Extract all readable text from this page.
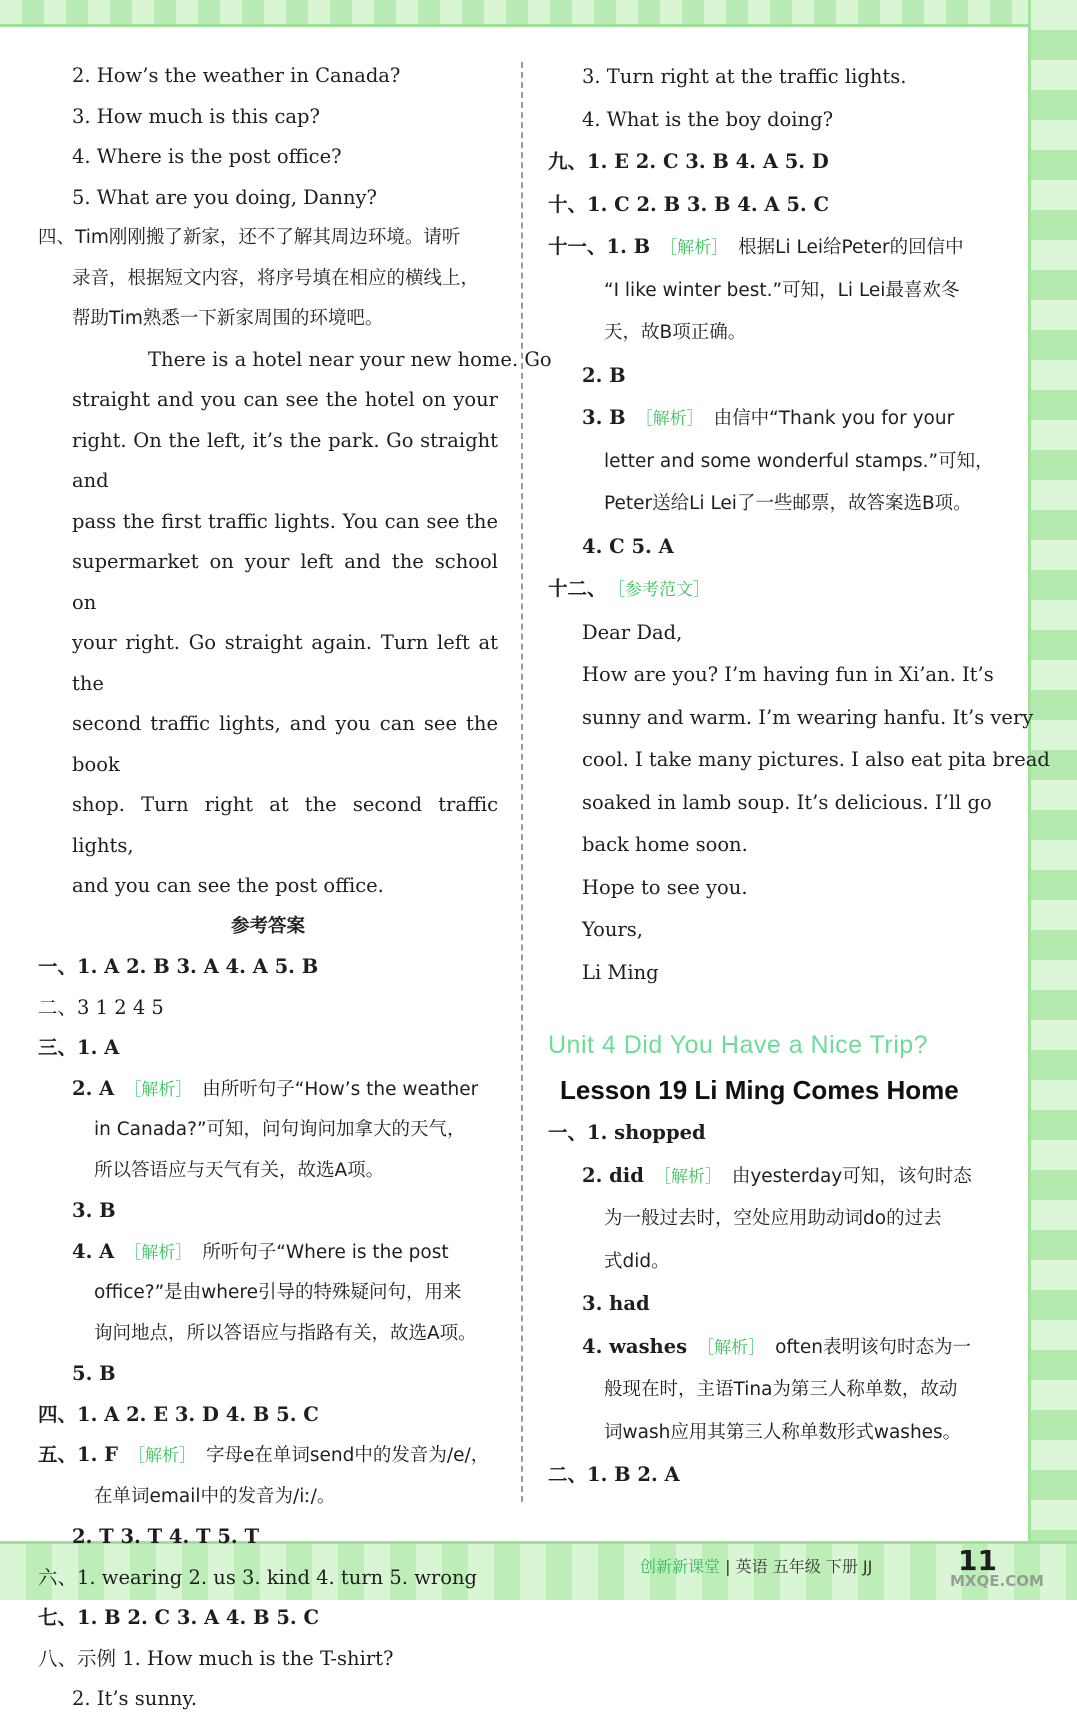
2. How’s the weather in Canada?
3. How much is this cap?
4. Where is the post office?
5. What are you doing, Danny?
四、Tim刚刚搬了新家，还不了解其周边环境。请听
录音，根据短文内容，将序号填在相应的横线上，
帮助Tim熟悉一下新家周围的环境吧。
There is a hotel near your new home. Go
straight and you can see the hotel on your
right. On the left, it’s the park. Go straight and
pass the first traffic lights. You can see the
supermarket on your left and the school on
your right. Go straight again. Turn left at the
second traffic lights, and you can see the book
shop. Turn right at the second traffic lights,
and you can see the post office.
参考答案
一、1. A 2. B 3. A 4. A 5. B
二、3 1 2 4 5
三、1. A
2. A ［解析］ 由所听句子“How’s the weather
in Canada?”可知，问句询问加拿大的天气，
所以答语应与天气有关，故选A项。
3. B
4. A ［解析］ 所听句子“Where is the post
office?”是由where引导的特殊疑问句，用来
询问地点，所以答语应与指路有关，故选A项。
5. B
四、1. A 2. E 3. D 4. B 5. C
五、1. F ［解析］ 字母e在单词send中的发音为/e/，
在单词email中的发音为/iː/。
2. T 3. T 4. T 5. T
六、1. wearing 2. us 3. kind 4. turn 5. wrong
七、1. B 2. C 3. A 4. B 5. C
八、示例 1. How much is the T-shirt?
2. It’s sunny.
3. Turn right at the traffic lights.
4. What is the boy doing?
九、1. E 2. C 3. B 4. A 5. D
十、1. C 2. B 3. B 4. A 5. C
十一、1. B ［解析］ 根据Li Lei给Peter的回信中
“I like winter best.”可知，Li Lei最喜欢冬
天，故B项正确。
2. B
3. B ［解析］ 由信中“Thank you for your
letter and some wonderful stamps.”可知，
Peter送给Li Lei了一些邮票，故答案选B项。
4. C 5. A
十二、 ［参考范文］
Dear Dad,
How are you? I’m having fun in Xi’an. It’s
sunny and warm. I’m wearing hanfu. It’s very
cool. I take many pictures. I also eat pita bread
soaked in lamb soup. It’s delicious. I’ll go
back home soon.
Hope to see you.
Yours,
Li Ming
Unit 4 Did You Have a Nice Trip?
Lesson 19 Li Ming Comes Home
一、1. shopped
2. did ［解析］ 由yesterday可知，该句时态
为一般过去时，空处应用助动词do的过去
式did。
3. had
4. washes ［解析］ often表明该句时态为一
般现在时，主语Tina为第三人称单数，故动
词wash应用其第三人称单数形式washes。
二、1. B 2. A
创新新课堂 | 英语 五年级 下册 JJ	11
MXQE.COM
